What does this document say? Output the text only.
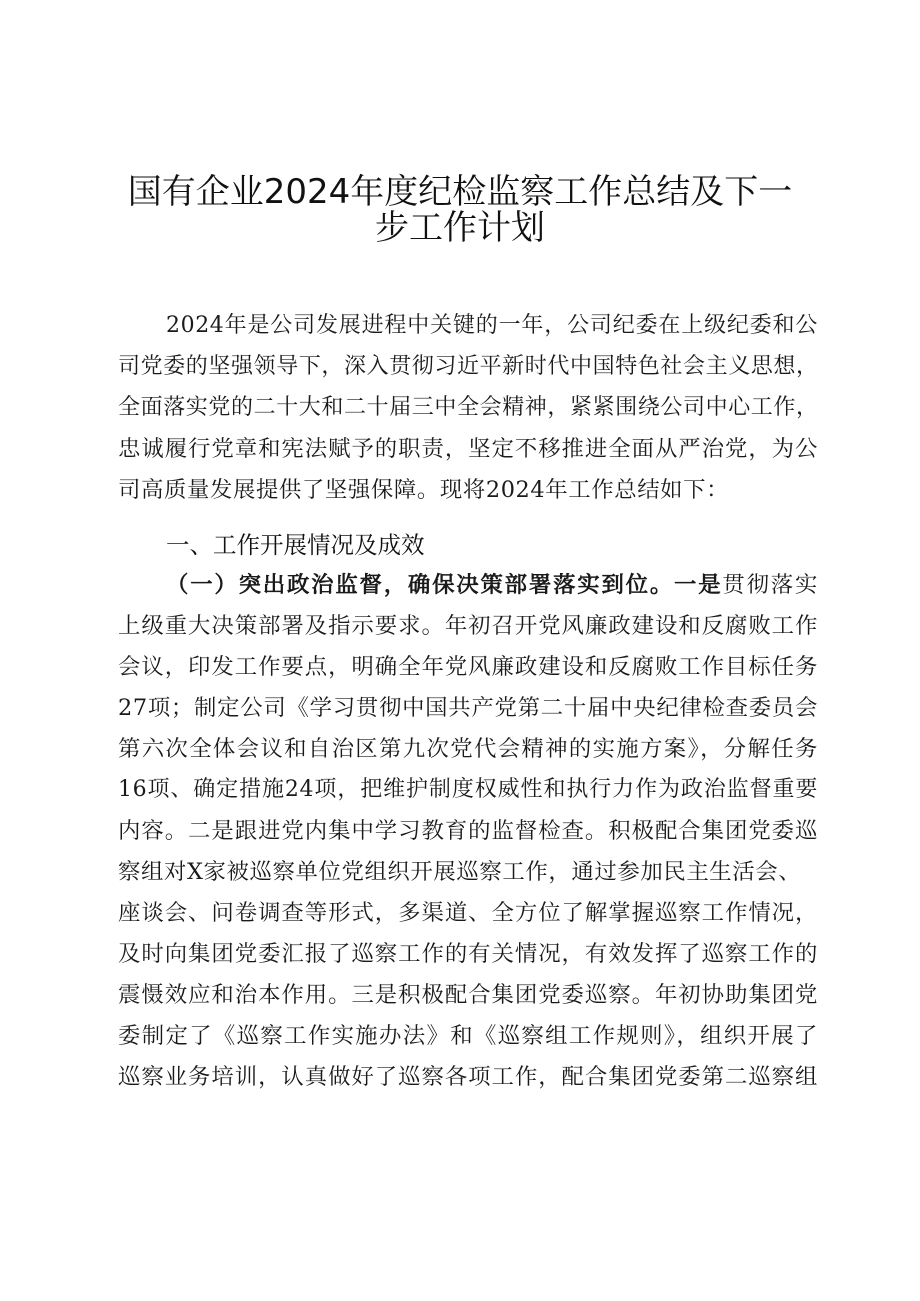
国有企业2024年度纪检监察工作总结及下一
步工作计划
2024年是公司发展进程中关键的一年，公司纪委在上级纪委和公
司党委的坚强领导下，深入贯彻习近平新时代中国特色社会主义思想，
全面落实党的二十大和二十届三中全会精神，紧紧围绕公司中心工作，
忠诚履行党章和宪法赋予的职责，坚定不移推进全面从严治党，为公
司高质量发展提供了坚强保障。现将2024年工作总结如下：
一、工作开展情况及成效
（一）突出政治监督，确保决策部署落实到位。一是贯彻落实
上级重大决策部署及指示要求。年初召开党风廉政建设和反腐败工作
会议，印发工作要点，明确全年党风廉政建设和反腐败工作目标任务
27项；制定公司《学习贯彻中国共产党第二十届中央纪律检查委员会
第六次全体会议和自治区第九次党代会精神的实施方案》，分解任务
16项、确定措施24项，把维护制度权威性和执行力作为政治监督重要
内容。二是跟进党内集中学习教育的监督检查。积极配合集团党委巡
察组对X家被巡察单位党组织开展巡察工作，通过参加民主生活会、
座谈会、问卷调查等形式，多渠道、全方位了解掌握巡察工作情况，
及时向集团党委汇报了巡察工作的有关情况，有效发挥了巡察工作的
震慑效应和治本作用。三是积极配合集团党委巡察。年初协助集团党
委制定了《巡察工作实施办法》和《巡察组工作规则》，组织开展了
巡察业务培训，认真做好了巡察各项工作，配合集团党委第二巡察组
